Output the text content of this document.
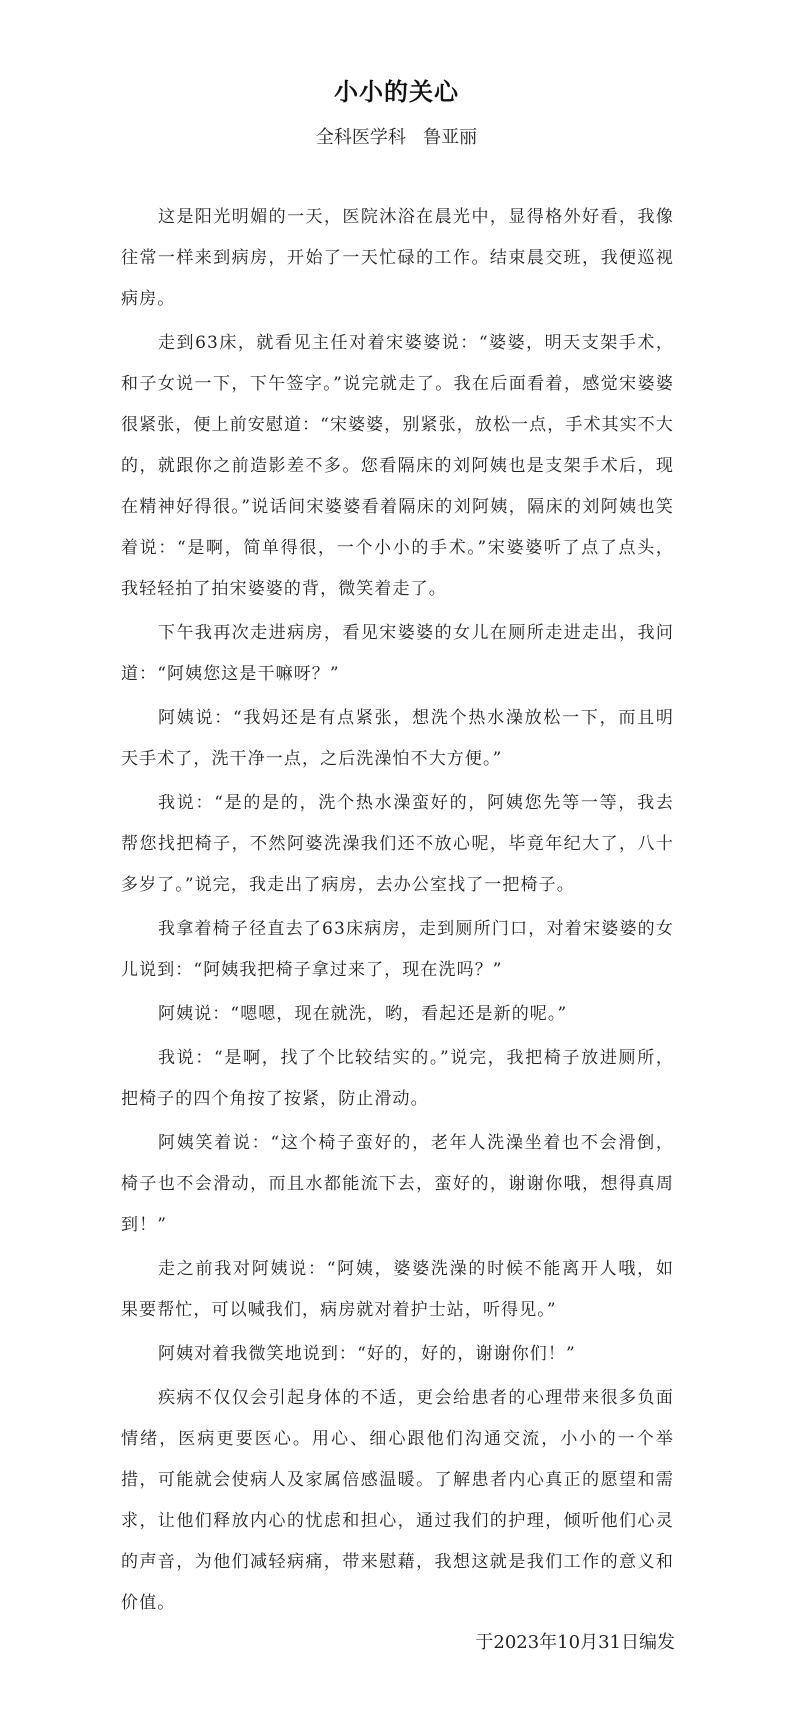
小小的关心
全科医学科   鲁亚丽

这是阳光明媚的一天，医院沐浴在晨光中，显得格外好看，我像往常一样来到病房，开始了一天忙碌的工作。结束晨交班，我便巡视病房。

走到63床，就看见主任对着宋婆婆说：“婆婆，明天支架手术，和子女说一下，下午签字。”说完就走了。我在后面看着，感觉宋婆婆很紧张，便上前安慰道：“宋婆婆，别紧张，放松一点，手术其实不大的，就跟你之前造影差不多。您看隔床的刘阿姨也是支架手术后，现在精神好得很。”说话间宋婆婆看着隔床的刘阿姨，隔床的刘阿姨也笑着说：“是啊，简单得很，一个小小的手术。”宋婆婆听了点了点头，我轻轻拍了拍宋婆婆的背，微笑着走了。

下午我再次走进病房，看见宋婆婆的女儿在厕所走进走出，我问道：“阿姨您这是干嘛呀？”

阿姨说：“我妈还是有点紧张，想洗个热水澡放松一下，而且明天手术了，洗干净一点，之后洗澡怕不大方便。”

我说：“是的是的，洗个热水澡蛮好的，阿姨您先等一等，我去帮您找把椅子，不然阿婆洗澡我们还不放心呢，毕竟年纪大了，八十多岁了。”说完，我走出了病房，去办公室找了一把椅子。

我拿着椅子径直去了63床病房，走到厕所门口，对着宋婆婆的女儿说到：“阿姨我把椅子拿过来了，现在洗吗？”

阿姨说：“嗯嗯，现在就洗，哟，看起还是新的呢。”

我说：“是啊，找了个比较结实的。”说完，我把椅子放进厕所，把椅子的四个角按了按紧，防止滑动。

阿姨笑着说：“这个椅子蛮好的，老年人洗澡坐着也不会滑倒，椅子也不会滑动，而且水都能流下去，蛮好的，谢谢你哦，想得真周到！”

走之前我对阿姨说：“阿姨，婆婆洗澡的时候不能离开人哦，如果要帮忙，可以喊我们，病房就对着护士站，听得见。”

阿姨对着我微笑地说到：“好的，好的，谢谢你们！”

疾病不仅仅会引起身体的不适，更会给患者的心理带来很多负面情绪，医病更要医心。用心、细心跟他们沟通交流，小小的一个举措，可能就会使病人及家属倍感温暖。了解患者内心真正的愿望和需求，让他们释放内心的忧虑和担心，通过我们的护理，倾听他们心灵的声音，为他们减轻病痛，带来慰藉，我想这就是我们工作的意义和价值。

于2023年10月31日编发
